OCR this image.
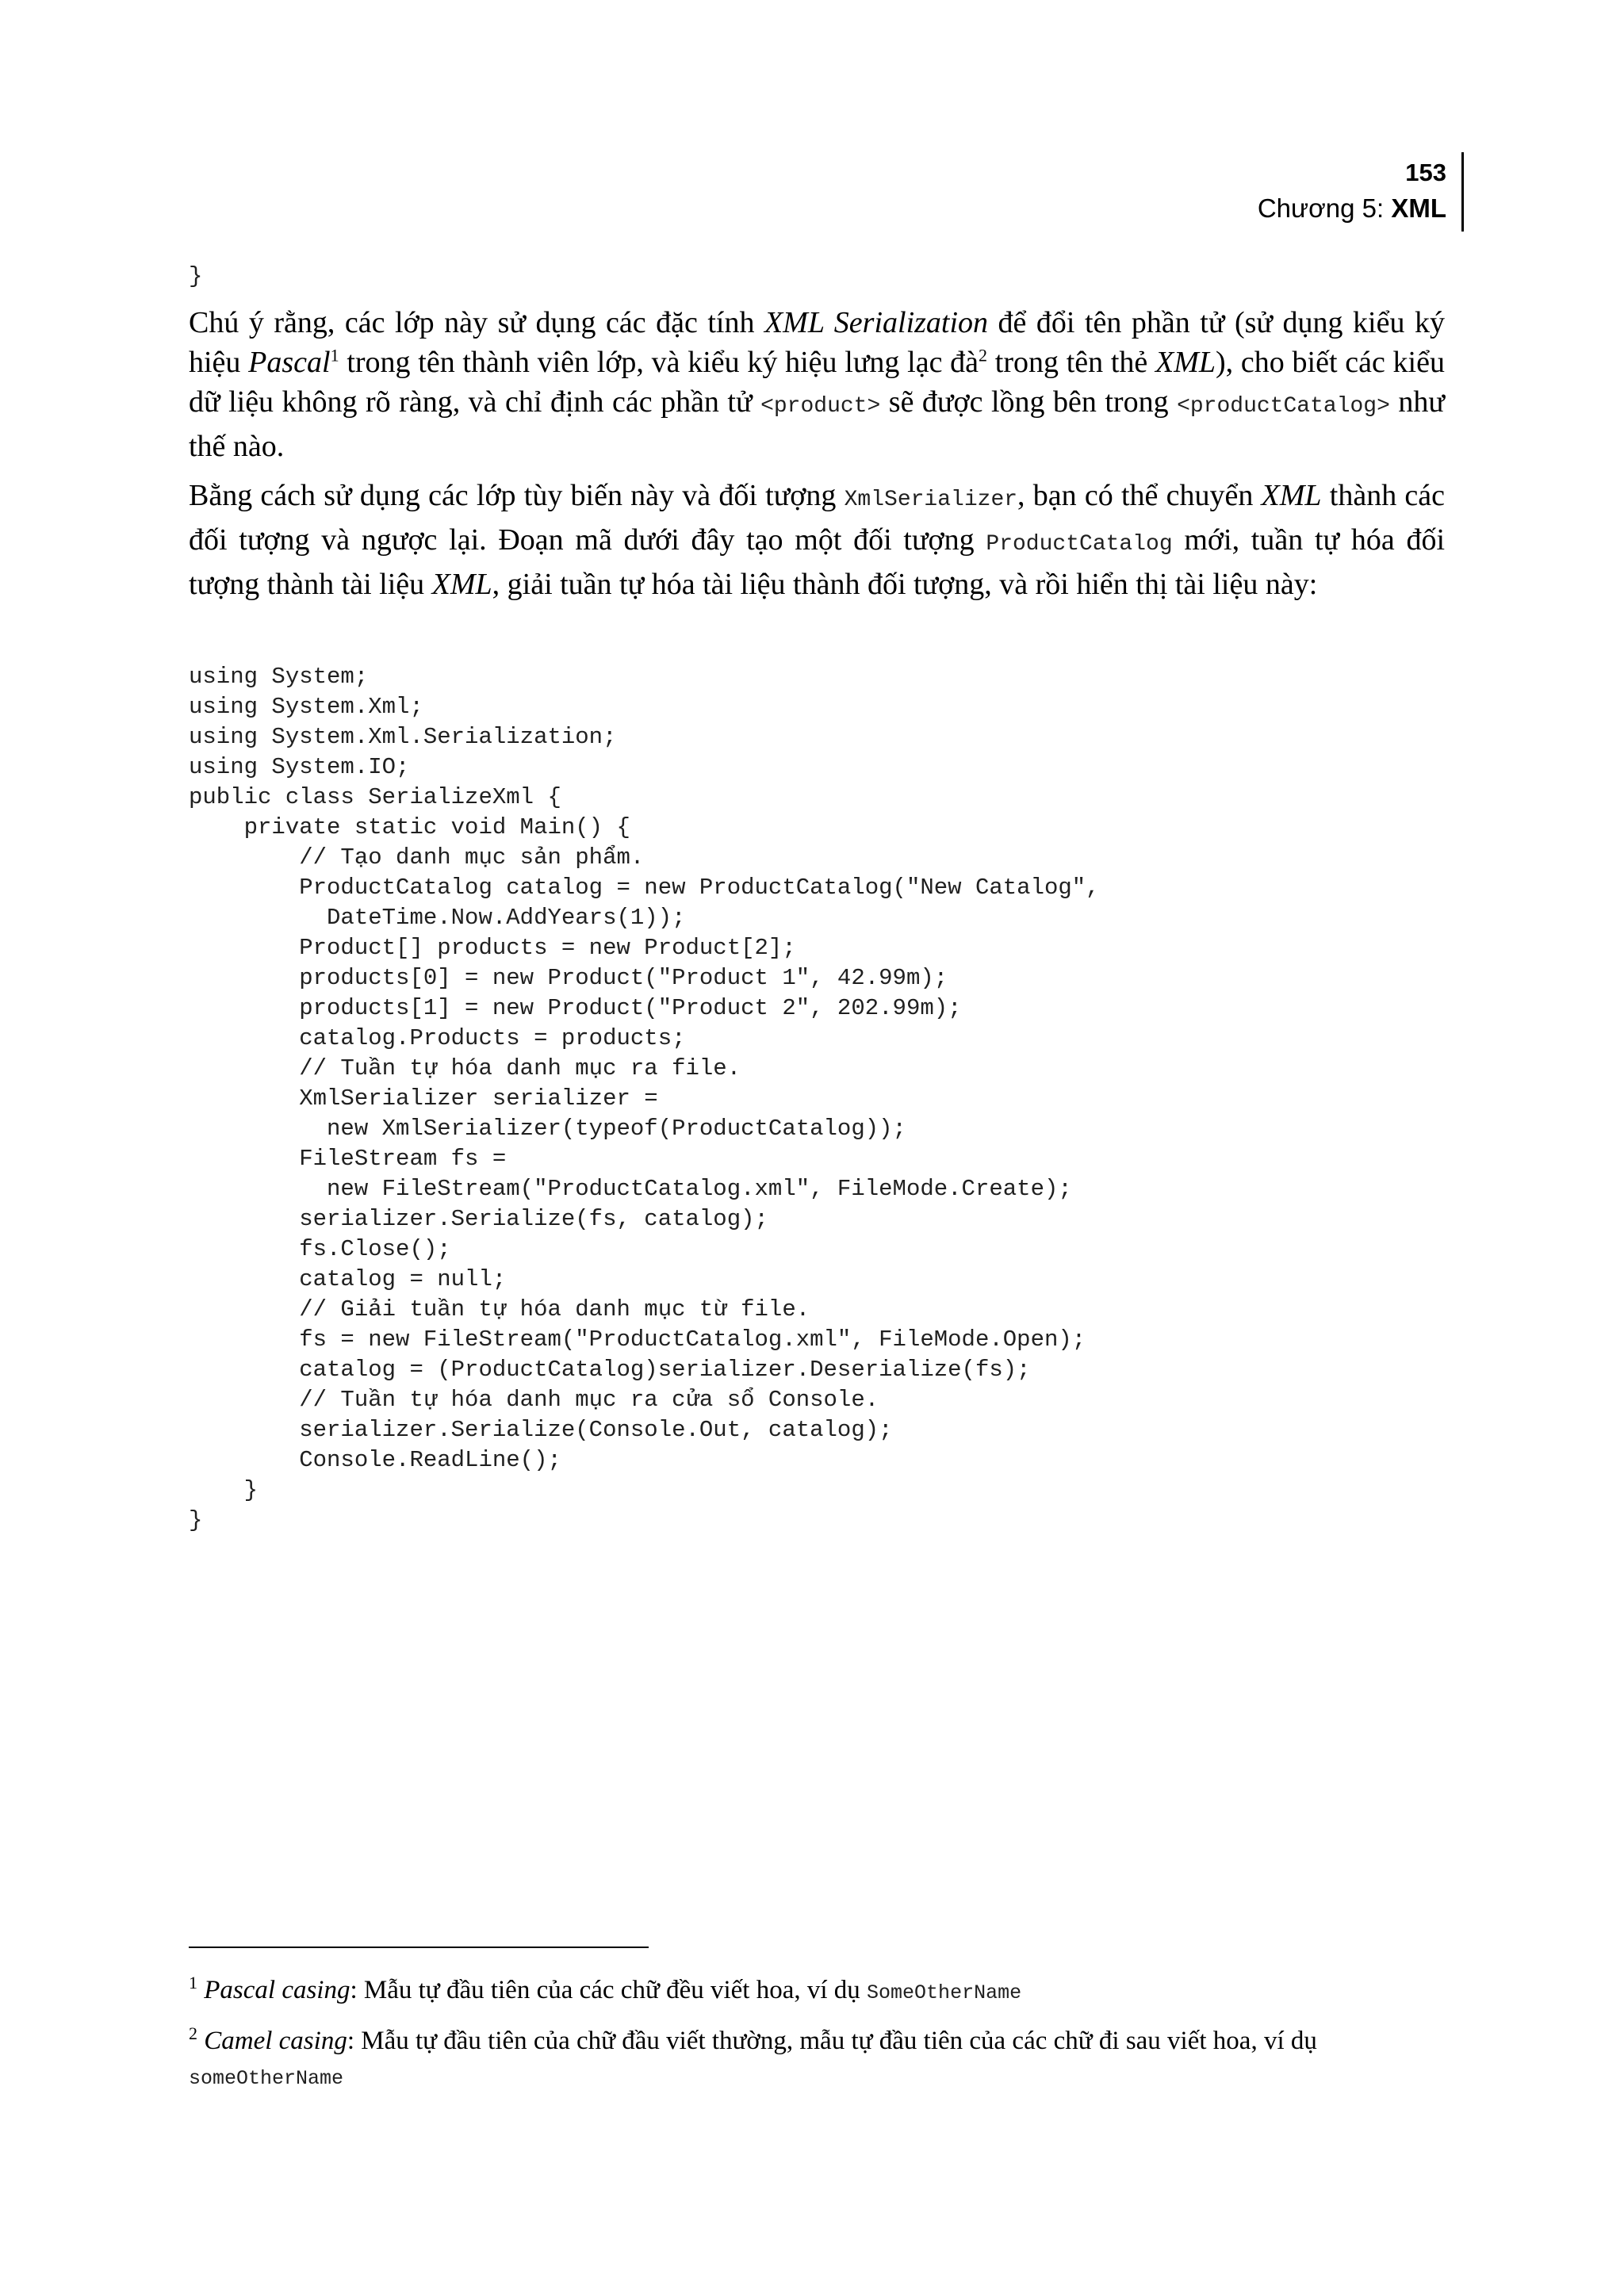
153
Chương 5: XML
}

Chú ý rằng, các lớp này sử dụng các đặc tính XML Serialization để đổi tên phần tử (sử dụng kiểu ký hiệu Pascal$^1$ trong tên thành viên lớp, và kiểu ký hiệu lưng lạc $đà^2$ trong tên thẻ XML), cho biết các kiểu dữ liệu không rõ ràng, và chỉ định các phần tử <product> sẽ được lồng bên trong <productCatalog> như thế nào.

Bằng cách sử dụng các lớp tùy biến này và đối tượng XmlSerializer, bạn có thể chuyển XML thành các đối tượng và ngược lại. Đoạn mã dưới đây tạo một đối tượng ProductCatalog mới, tuần tự hóa đối tượng thành tài liệu XML, giải tuần tự hóa tài liệu thành đối tượng, và rồi hiển thị tài liệu này:

using System;
using System.Xml;
using System.Xml.Serialization;
using System.IO;
public class SerializeXml {
private static void Main() {
// Tạo danh mục sản phẩm.
ProductCatalog catalog = new ProductCatalog("New Catalog",
DateTime.Now.AddYears(1));
Product[] products = new Product[2];
products[0] = new Product("Product 1", 42.99m);
products[1] = new Product("Product 2", 202.99m);
catalog.Products = products;
// Tuần tự hóa danh mục ra file.
XmlSerializer serializer =
new XmlSerializer(typeof(ProductCatalog));
FileStream fs =
new FileStream("ProductCatalog.xml", FileMode.Create);
serializer.Serialize(fs, catalog);
fs.Close();
catalog = null;
// Giải tuần tự hóa danh mục từ file.
fs = new FileStream("ProductCatalog.xml", FileMode.Open);
catalog = (ProductCatalog)serializer.Deserialize(fs);
// Tuần tự hóa danh mục ra cửa sổ Console.
serializer.Serialize(Console.Out, catalog);
Console.ReadLine();
}
}

$^1$ Pascal casing: Mẫu tự đầu tiên của các chữ đều viết hoa, ví dụ SomeOtherName

$^2$ Camel casing: Mẫu tự đầu tiên của chữ đầu viết thường, mẫu tự đầu tiên của các chữ đi sau viết hoa, ví dụ someOtherName
